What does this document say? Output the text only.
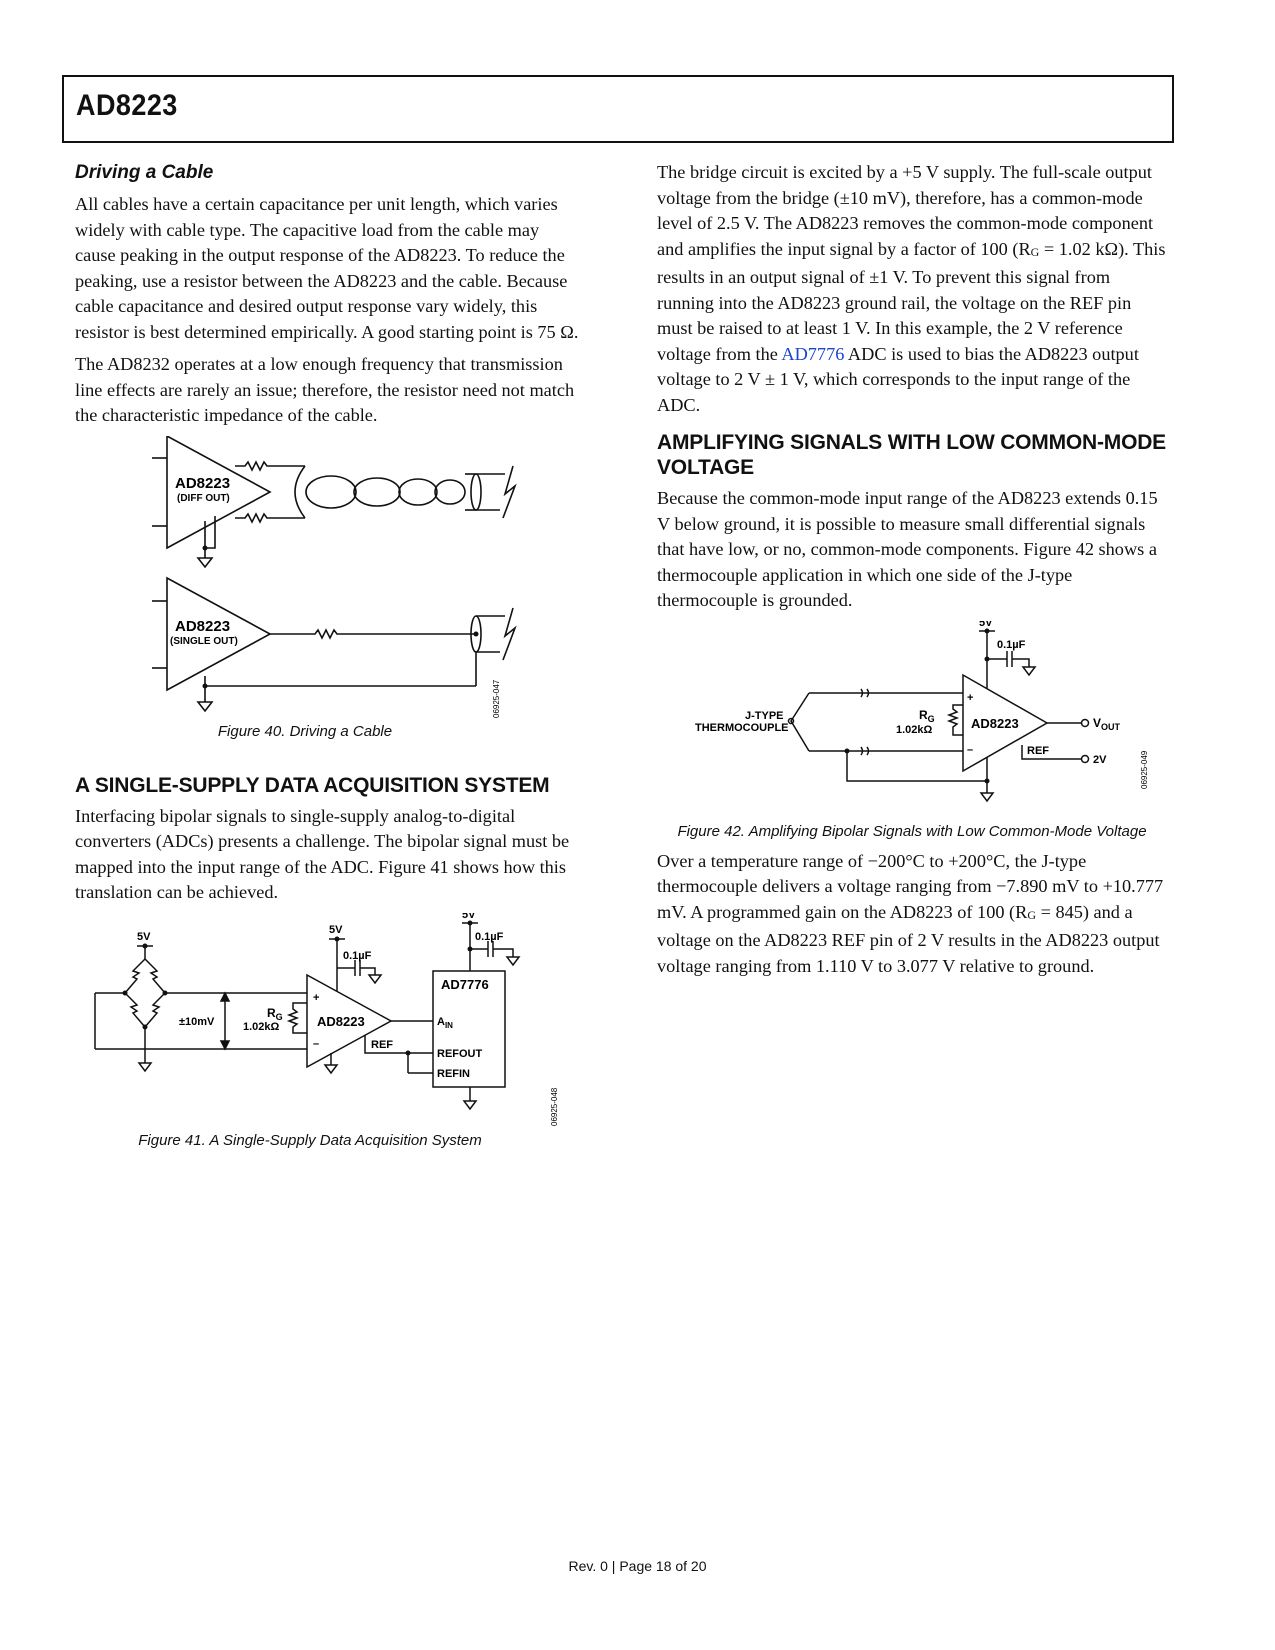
AD8223
Driving a Cable

All cables have a certain capacitance per unit length, which varies widely with cable type. The capacitive load from the cable may cause peaking in the output response of the AD8223. To reduce the peaking, use a resistor between the AD8223 and the cable. Because cable capacitance and desired output response vary widely, this resistor is best determined empirically. A good starting point is 75 Ω.

The AD8232 operates at a low enough frequency that transmission line effects are rarely an issue; therefore, the resistor need not match the characteristic impedance of the cable.

AD8223
(DIFF OUT)
AD8223
(SINGLE OUT)
06925-047

Figure 40. Driving a Cable

A SINGLE-SUPPLY DATA ACQUISITION SYSTEM

Interfacing bipolar signals to single-supply analog-to-digital converters (ADCs) presents a challenge. The bipolar signal must be mapped into the input range of the ADC. Figure 41 shows how this translation can be achieved.

5V
5V
5V
0.1µF
0.1µF
±10mV
$R_G$
1.02kΩ
+
–
AD8223
REF
AD7776
$A_{IN}$
REFOUT
REFIN
06925-048

Figure 41. A Single-Supply Data Acquisition System

The bridge circuit is excited by a +5 V supply. The full-scale output voltage from the bridge (±10 mV), therefore, has a common-mode level of 2.5 V. The AD8223 removes the common-mode component and amplifies the input signal by a factor of 100 (RG = 1.02 kΩ). This results in an output signal of ±1 V. To prevent this signal from running into the AD8223 ground rail, the voltage on the REF pin must be raised to at least 1 V. In this example, the 2 V reference voltage from the AD7776 ADC is used to bias the AD8223 output voltage to 2 V ± 1 V, which corresponds to the input range of the ADC.

AMPLIFYING SIGNALS WITH LOW COMMON-MODE VOLTAGE

Because the common-mode input range of the AD8223 extends 0.15 V below ground, it is possible to measure small differential signals that have low, or no, common-mode components. Figure 42 shows a thermocouple application in which one side of the J-type thermocouple is grounded.

5V
0.1µF
J-TYPE
THERMOCOUPLE
$R_G$
1.02kΩ
+
–
AD8223
REF
$V_{OUT}$
2V	06925-049

Figure 42. Amplifying Bipolar Signals with Low Common-Mode Voltage

Over a temperature range of −200°C to +200°C, the J-type thermocouple delivers a voltage ranging from −7.890 mV to +10.777 mV. A programmed gain on the AD8223 of 100 (RG = 845) and a voltage on the AD8223 REF pin of 2 V results in the AD8223 output voltage ranging from 1.110 V to 3.077 V relative to ground.

Rev. 0 | Page 18 of 20
